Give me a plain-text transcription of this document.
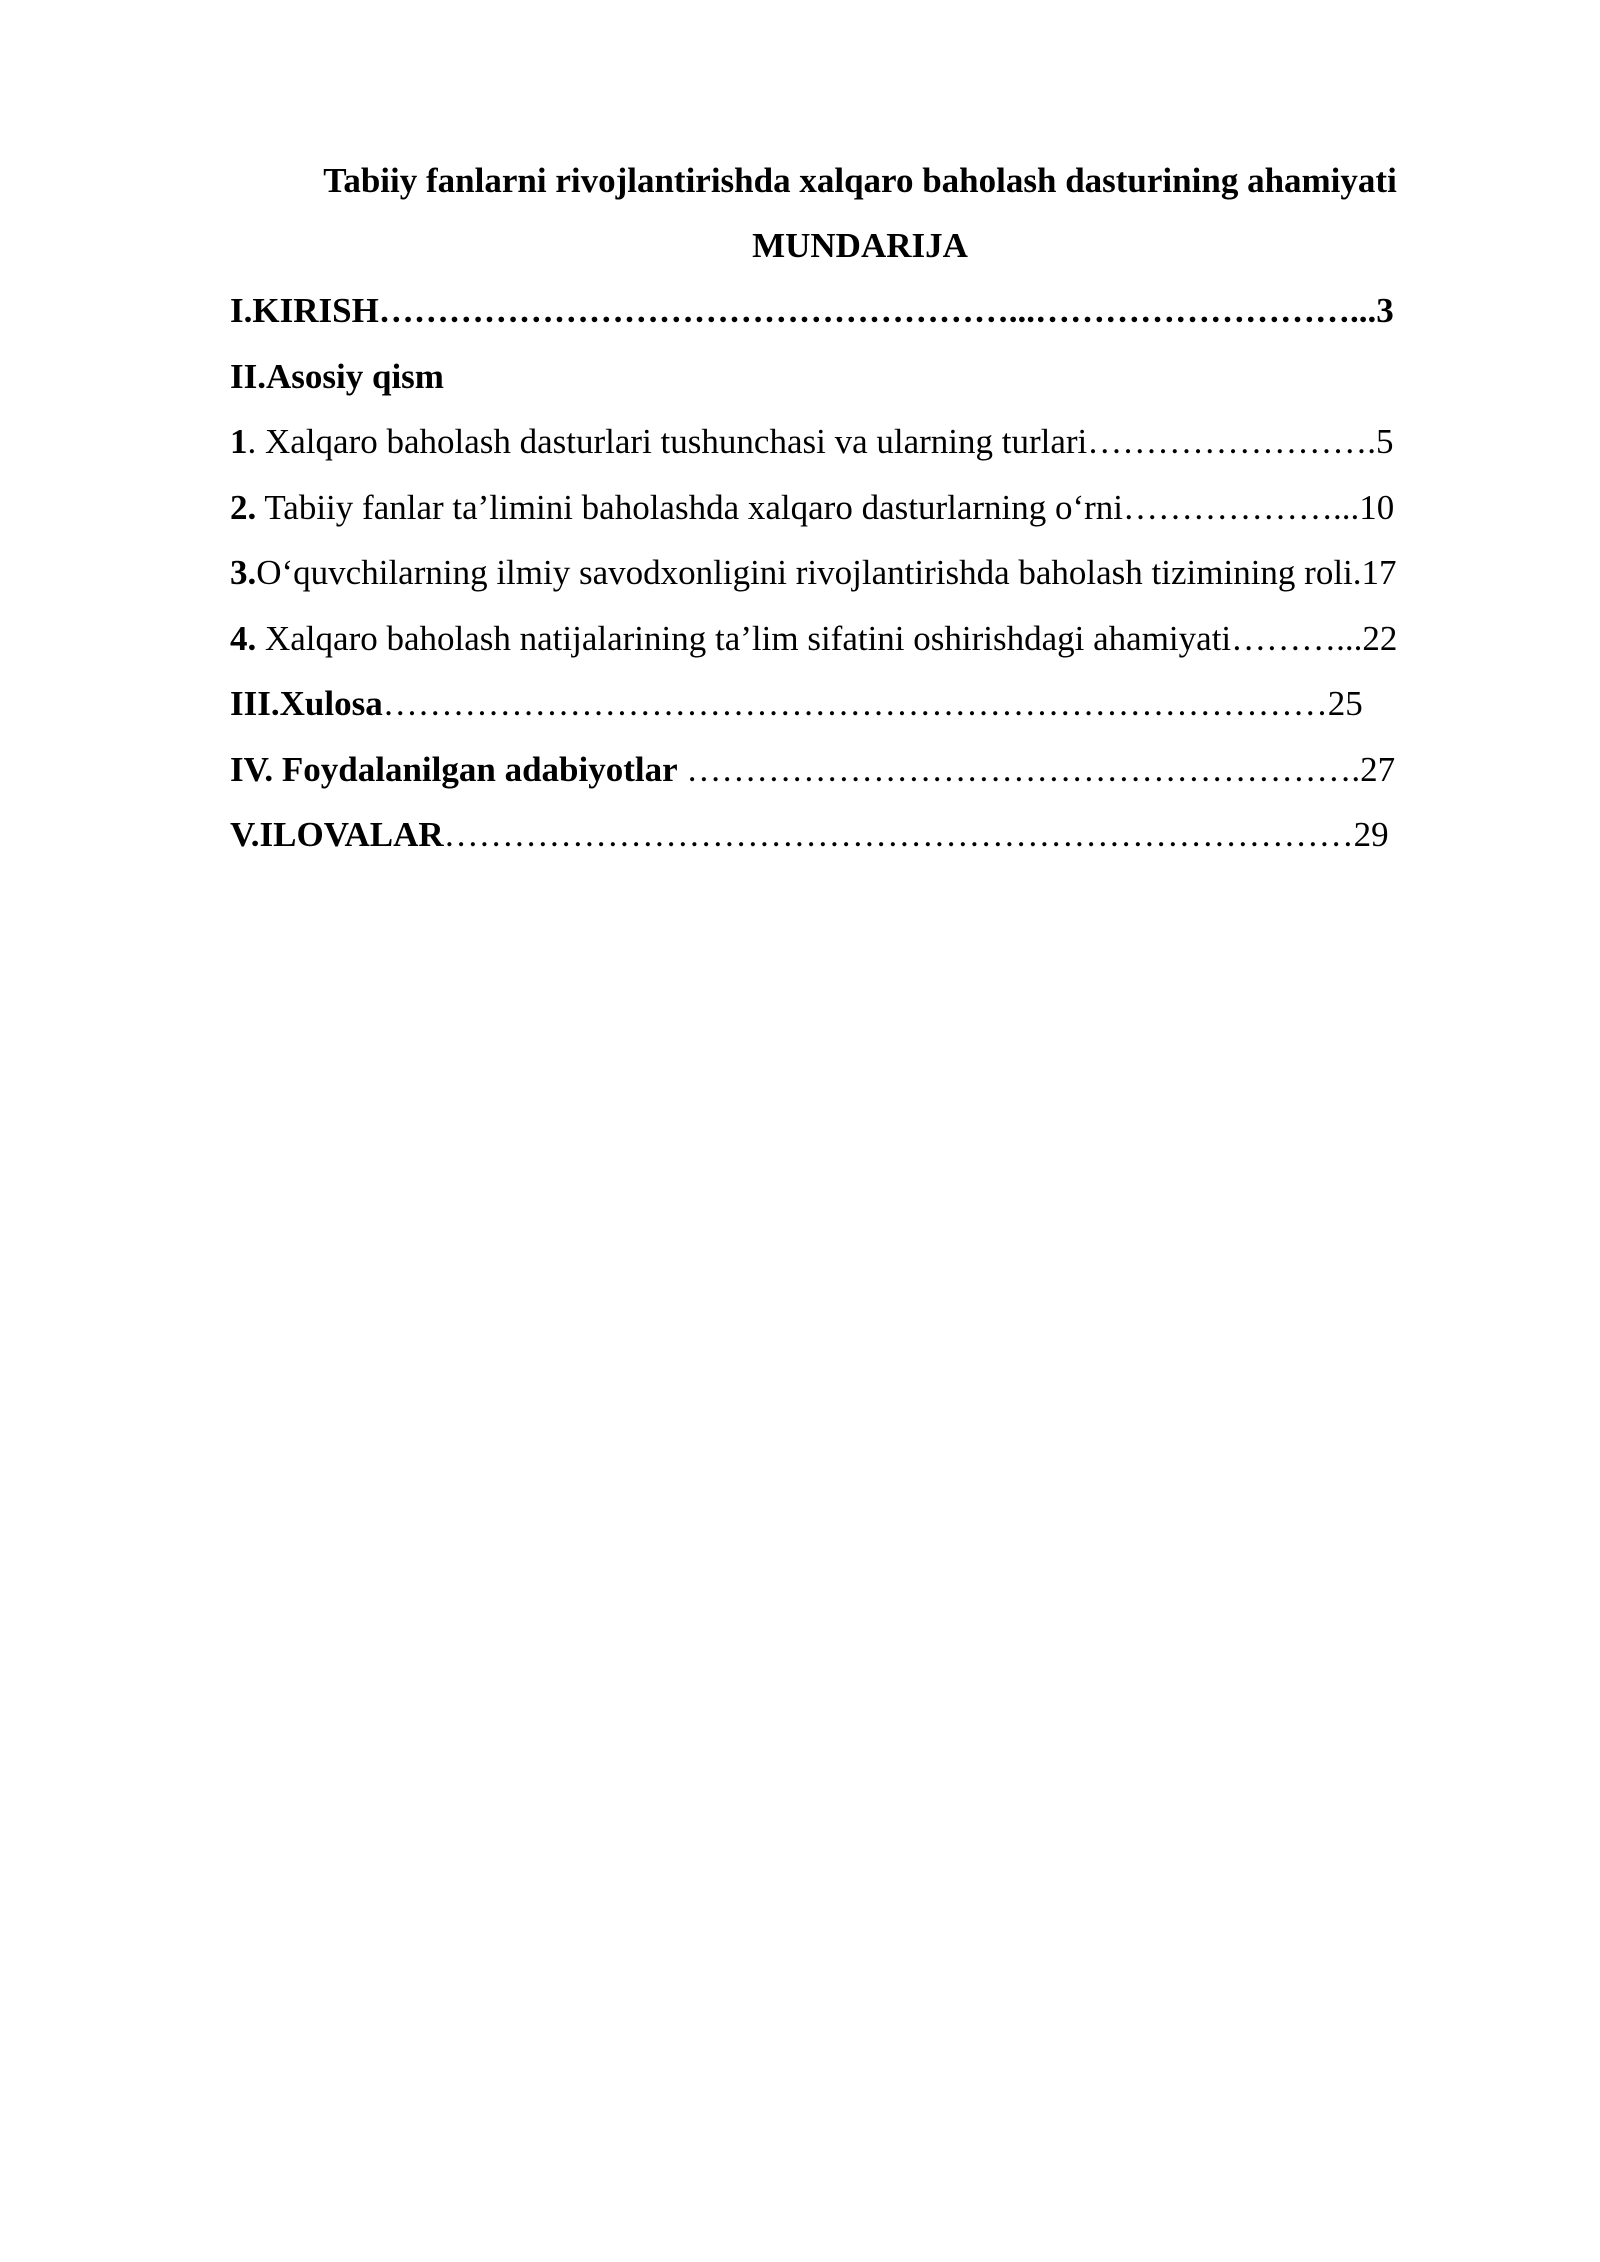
Tabiiy fanlarni rivojlantirishda xalqaro baholash dasturining ahamiyati

MUNDARIJA

I.KIRISH………………………………………………...………………………...3
II.Asosiy qism
1. Xalqaro baholash dasturlari tushunchasi va ularning turlari…………………….5
2. Tabiiy fanlar ta’limini baholashda xalqaro dasturlarning o‘rni………………...10
3.O‘quvchilarning ilmiy savodxonligini rivojlantirishda baholash tizimining roli.17
4. Xalqaro baholash natijalarining ta’lim sifatini oshirishdagi ahamiyati………...22
III.Xulosa………………………………………………………………………25
IV. Foydalanilgan adabiyotlar ………………………………………………….27
V.ILOVALAR……………………………………………………………………29
